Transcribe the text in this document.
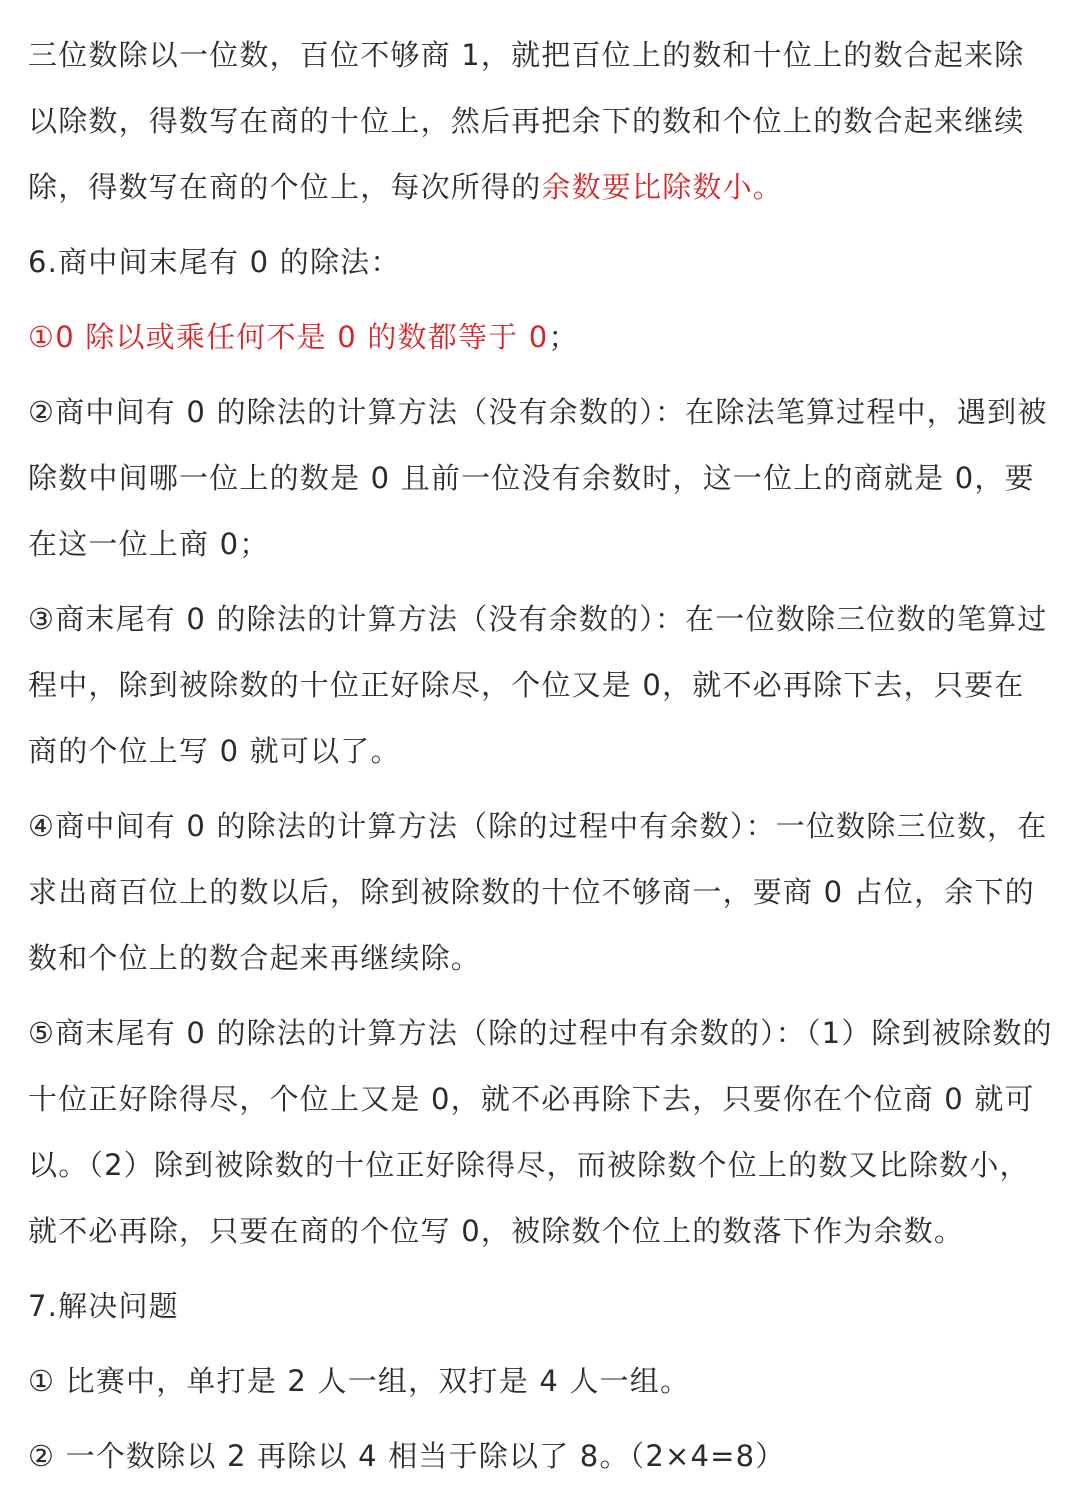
三位数除以一位数，百位不够商 1，就把百位上的数和十位上的数合起来除以除数，得数写在商的十位上，然后再把余下的数和个位上的数合起来继续除，得数写在商的个位上，每次所得的余数要比除数小。

6.商中间末尾有 0 的除法：

①0 除以或乘任何不是 0 的数都等于 0；

②商中间有 0 的除法的计算方法（没有余数的）：在除法笔算过程中，遇到被除数中间哪一位上的数是 0 且前一位没有余数时，这一位上的商就是 0，要在这一位上商 0；

③商末尾有 0 的除法的计算方法（没有余数的）：在一位数除三位数的笔算过程中，除到被除数的十位正好除尽，个位又是 0，就不必再除下去，只要在商的个位上写 0 就可以了。

④商中间有 0 的除法的计算方法（除的过程中有余数）：一位数除三位数，在求出商百位上的数以后，除到被除数的十位不够商一，要商 0 占位，余下的数和个位上的数合起来再继续除。

⑤商末尾有 0 的除法的计算方法（除的过程中有余数的）：（1）除到被除数的十位正好除得尽，个位上又是 0，就不必再除下去，只要你在个位商 0 就可以。（2）除到被除数的十位正好除得尽，而被除数个位上的数又比除数小，就不必再除，只要在商的个位写 0，被除数个位上的数落下作为余数。

7.解决问题

① 比赛中，单打是 2 人一组，双打是 4 人一组。

② 一个数除以 2 再除以 4 相当于除以了 8。（2×4=8）
